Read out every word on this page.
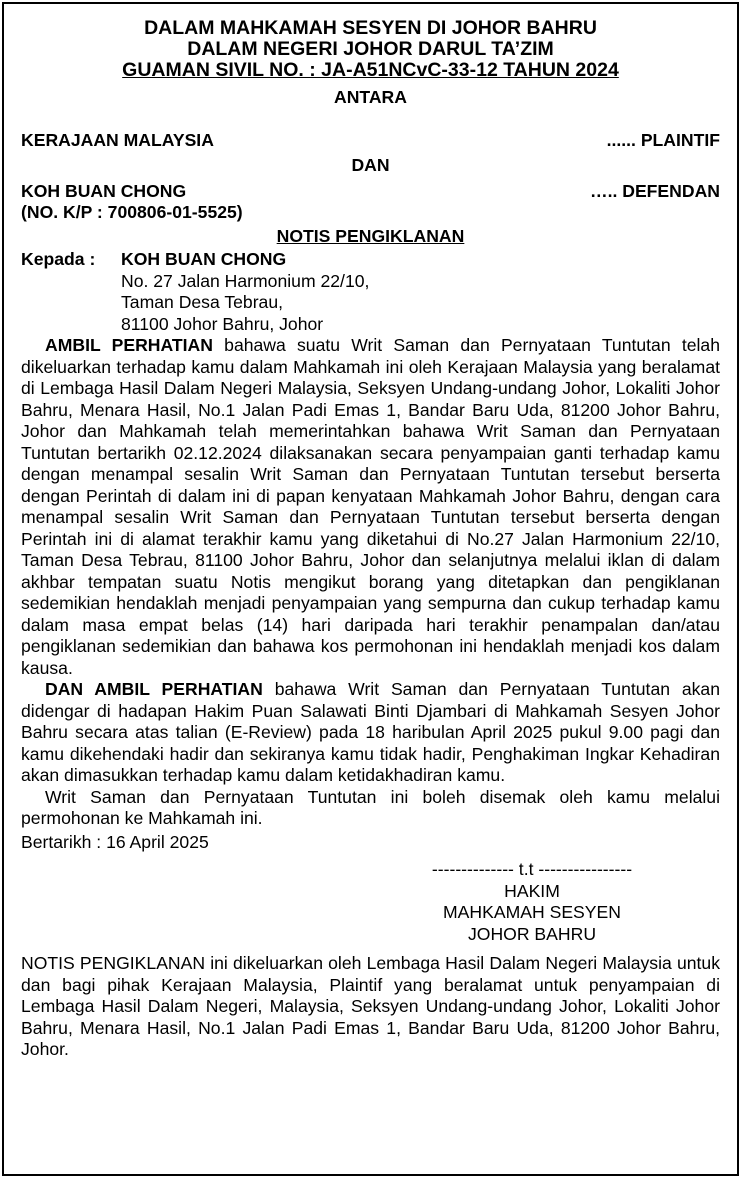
DALAM MAHKAMAH SESYEN DI JOHOR BAHRU
DALAM NEGERI JOHOR DARUL TA’ZIM
GUAMAN SIVIL NO. : JA-A51NCvC-33-12 TAHUN 2024
ANTARA
KERAJAAN MALAYSIA	...... PLAINTIF
DAN
KOH BUAN CHONG	….. DEFENDAN
(NO. K/P : 700806-01-5525)
NOTIS PENGIKLANAN
Kepada :	KOH BUAN CHONG
No. 27 Jalan Harmonium 22/10,
Taman Desa Tebrau,
81100 Johor Bahru, Johor

AMBIL PERHATIAN bahawa suatu Writ Saman dan Pernyataan Tuntutan telah dikeluarkan terhadap kamu dalam Mahkamah ini oleh Kerajaan Malaysia yang beralamat di Lembaga Hasil Dalam Negeri Malaysia, Seksyen Undang-undang Johor, Lokaliti Johor Bahru, Menara Hasil, No.1 Jalan Padi Emas 1, Bandar Baru Uda, 81200 Johor Bahru, Johor dan Mahkamah telah memerintahkan bahawa Writ Saman dan Pernyataan Tuntutan bertarikh 02.12.2024 dilaksanakan secara penyampaian ganti terhadap kamu dengan menampal sesalin Writ Saman dan Pernyataan Tuntutan tersebut berserta dengan Perintah di dalam ini di papan kenyataan Mahkamah Johor Bahru, dengan cara menampal sesalin Writ Saman dan Pernyataan Tuntutan tersebut berserta dengan Perintah ini di alamat terakhir kamu yang diketahui di No.27 Jalan Harmonium 22/10, Taman Desa Tebrau, 81100 Johor Bahru, Johor dan selanjutnya melalui iklan di dalam akhbar tempatan suatu Notis mengikut borang yang ditetapkan dan pengiklanan sedemikian hendaklah menjadi penyampaian yang sempurna dan cukup terhadap kamu dalam masa empat belas (14) hari daripada hari terakhir penampalan dan/atau pengiklanan sedemikian dan bahawa kos permohonan ini hendaklah menjadi kos dalam kausa.

DAN AMBIL PERHATIAN bahawa Writ Saman dan Pernyataan Tuntutan akan didengar di hadapan Hakim Puan Salawati Binti Djambari di Mahkamah Sesyen Johor Bahru secara atas talian (E-Review) pada 18 haribulan April 2025 pukul 9.00 pagi dan kamu dikehendaki hadir dan sekiranya kamu tidak hadir, Penghakiman Ingkar Kehadiran akan dimasukkan terhadap kamu dalam ketidakhadiran kamu.

Writ Saman dan Pernyataan Tuntutan ini boleh disemak oleh kamu melalui permohonan ke Mahkamah ini.

Bertarikh : 16 April 2025

-------------- t.t ----------------
HAKIM
MAHKAMAH SESYEN
JOHOR BAHRU

NOTIS PENGIKLANAN ini dikeluarkan oleh Lembaga Hasil Dalam Negeri Malaysia untuk dan bagi pihak Kerajaan Malaysia, Plaintif yang beralamat untuk penyampaian di Lembaga Hasil Dalam Negeri, Malaysia, Seksyen Undang-undang Johor, Lokaliti Johor Bahru, Menara Hasil, No.1 Jalan Padi Emas 1, Bandar Baru Uda, 81200 Johor Bahru, Johor.
